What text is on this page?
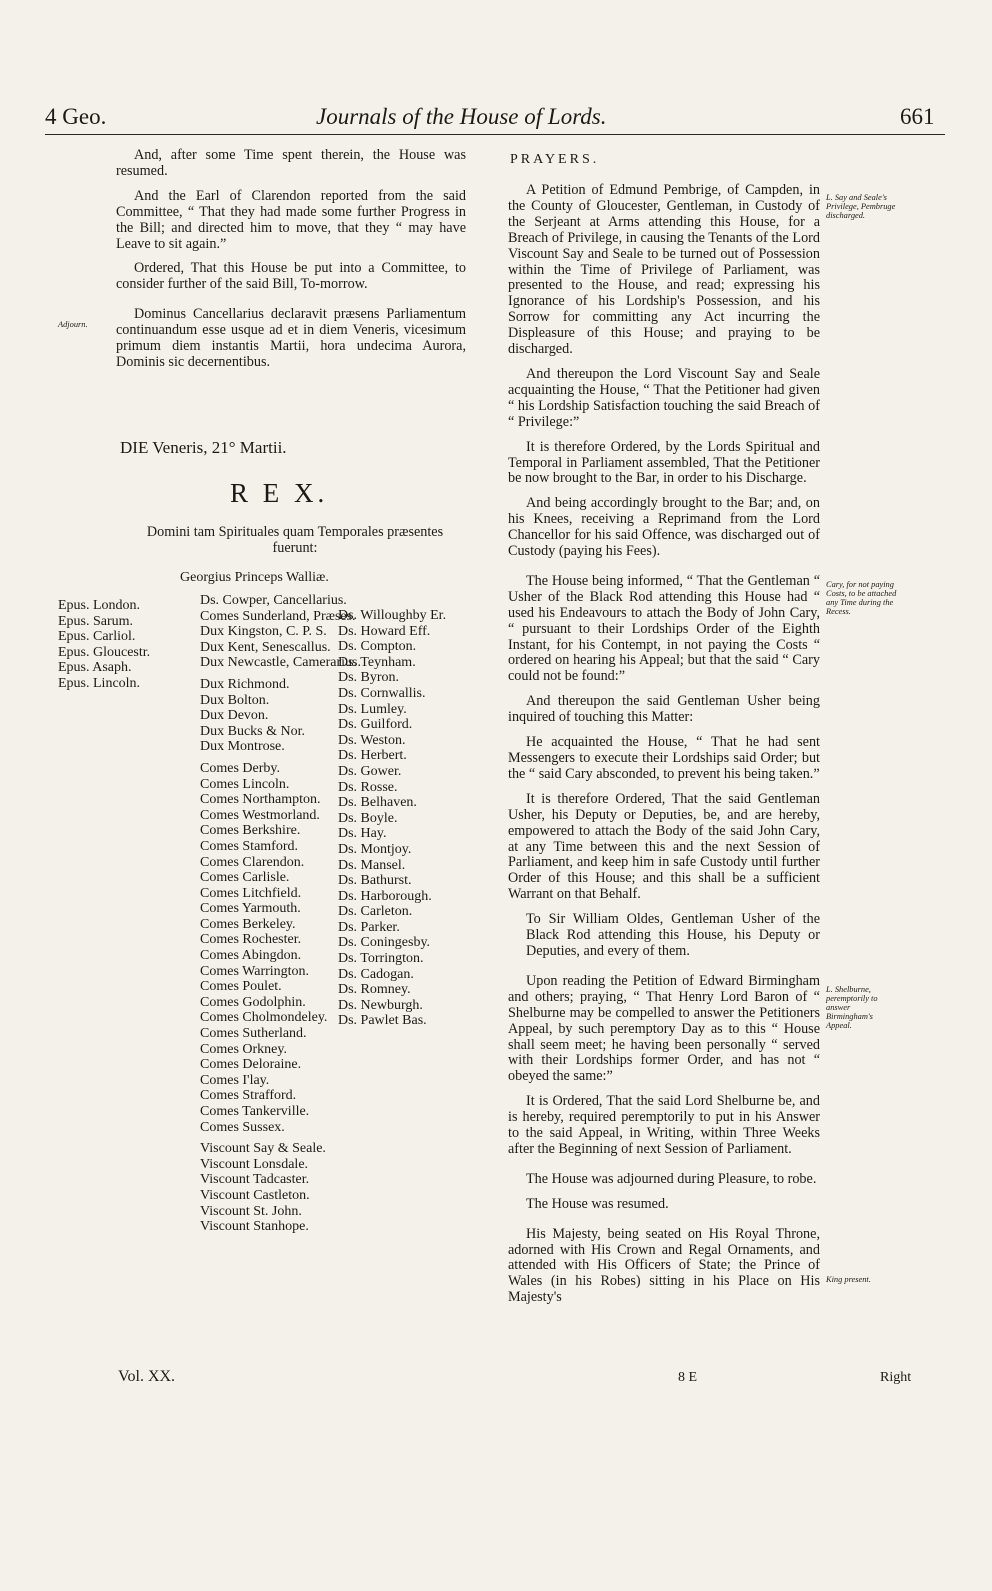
4 Geo.	Journals of the House of Lords.	661

And, after some Time spent therein, the House was resumed.

And the Earl of Clarendon reported from the said Committee, “ That they had made some further Progress in the Bill; and directed him to move, that they “ may have Leave to sit again.”

Ordered, That this House be put into a Committee, to consider further of the said Bill, To-morrow.

Dominus Cancellarius declaravit præsens Parliamentum continuandum esse usque ad et in diem Veneris, vicesimum primum diem instantis Martii, hora undecima Aurora, Dominis sic decernentibus.

Adjourn.
DIE Veneris, 21° Martii.
R E X.
Domini tam Spirituales quam Temporales præsentes fuerunt:
Georgius Princeps Walliæ.
Epus. London.
Epus. Sarum.
Epus. Carliol.
Epus. Gloucestr.
Epus. Asaph.
Epus. Lincoln.
Ds. Cowper, Cancellarius.
Comes Sunderland, Præses.
Dux Kingston, C. P. S.
Dux Kent, Senescallus.
Dux Newcastle, Camerarius.
Dux Richmond.
Dux Bolton.
Dux Devon.
Dux Bucks & Nor.
Dux Montrose.
Comes Derby.
Comes Lincoln.
Comes Northampton.
Comes Westmorland.
Comes Berkshire.
Comes Stamford.
Comes Clarendon.
Comes Carlisle.
Comes Litchfield.
Comes Yarmouth.
Comes Berkeley.
Comes Rochester.
Comes Abingdon.
Comes Warrington.
Comes Poulet.
Comes Godolphin.
Comes Cholmondeley.
Comes Sutherland.
Comes Orkney.
Comes Deloraine.
Comes I'lay.
Comes Strafford.
Comes Tankerville.
Comes Sussex.
Viscount Say & Seale.
Viscount Lonsdale.
Viscount Tadcaster.
Viscount Castleton.
Viscount St. John.
Viscount Stanhope.
Ds. Willoughby Er.
Ds. Howard Eff.
Ds. Compton.
Ds. Teynham.
Ds. Byron.
Ds. Cornwallis.
Ds. Lumley.
Ds. Guilford.
Ds. Weston.
Ds. Herbert.
Ds. Gower.
Ds. Rosse.
Ds. Belhaven.
Ds. Boyle.
Ds. Hay.
Ds. Montjoy.
Ds. Mansel.
Ds. Bathurst.
Ds. Harborough.
Ds. Carleton.
Ds. Parker.
Ds. Coningesby.
Ds. Torrington.
Ds. Cadogan.
Ds. Romney.
Ds. Newburgh.
Ds. Pawlet Bas.
Vol. XX.	8 E	Right
PRAYERS.

A Petition of Edmund Pembrige, of Campden, in the County of Gloucester, Gentleman, in Custody of the Serjeant at Arms attending this House, for a Breach of Privilege, in causing the Tenants of the Lord Viscount Say and Seale to be turned out of Possession within the Time of Privilege of Parliament, was presented to the House, and read; expressing his Ignorance of his Lordship's Possession, and his Sorrow for committing any Act incurring the Displeasure of this House; and praying to be discharged.

And thereupon the Lord Viscount Say and Seale acquainting the House, “ That the Petitioner had given “ his Lordship Satisfaction touching the said Breach of “ Privilege:”

It is therefore Ordered, by the Lords Spiritual and Temporal in Parliament assembled, That the Petitioner be now brought to the Bar, in order to his Discharge.

And being accordingly brought to the Bar; and, on his Knees, receiving a Reprimand from the Lord Chancellor for his said Offence, was discharged out of Custody (paying his Fees).

The House being informed, “ That the Gentleman “ Usher of the Black Rod attending this House had “ used his Endeavours to attach the Body of John Cary, “ pursuant to their Lordships Order of the Eighth Instant, for his Contempt, in not paying the Costs “ ordered on hearing his Appeal; but that the said “ Cary could not be found:”

And thereupon the said Gentleman Usher being inquired of touching this Matter:

He acquainted the House, “ That he had sent Messengers to execute their Lordships said Order; but the “ said Cary absconded, to prevent his being taken.”

It is therefore Ordered, That the said Gentleman Usher, his Deputy or Deputies, be, and are hereby, empowered to attach the Body of the said John Cary, at any Time between this and the next Session of Parliament, and keep him in safe Custody until further Order of this House; and this shall be a sufficient Warrant on that Behalf.

To Sir William Oldes, Gentleman Usher of the Black Rod attending this House, his Deputy or Deputies, and every of them.

Upon reading the Petition of Edward Birmingham and others; praying, “ That Henry Lord Baron of “ Shelburne may be compelled to answer the Petitioners Appeal, by such peremptory Day as to this “ House shall seem meet; he having been personally “ served with their Lordships former Order, and has not “ obeyed the same:”

It is Ordered, That the said Lord Shelburne be, and is hereby, required peremptorily to put in his Answer to the said Appeal, in Writing, within Three Weeks after the Beginning of next Session of Parliament.

The House was adjourned during Pleasure, to robe.

The House was resumed.

His Majesty, being seated on His Royal Throne, adorned with His Crown and Regal Ornaments, and attended with His Officers of State; the Prince of Wales (in his Robes) sitting in his Place on His Majesty's

L. Say and Seale's Privilege, Pembruge discharged.
Cary, for not paying Costs, to be attached any Time during the Recess.
L. Shelburne, peremptorily to answer Birmingham's Appeal.
King present.
